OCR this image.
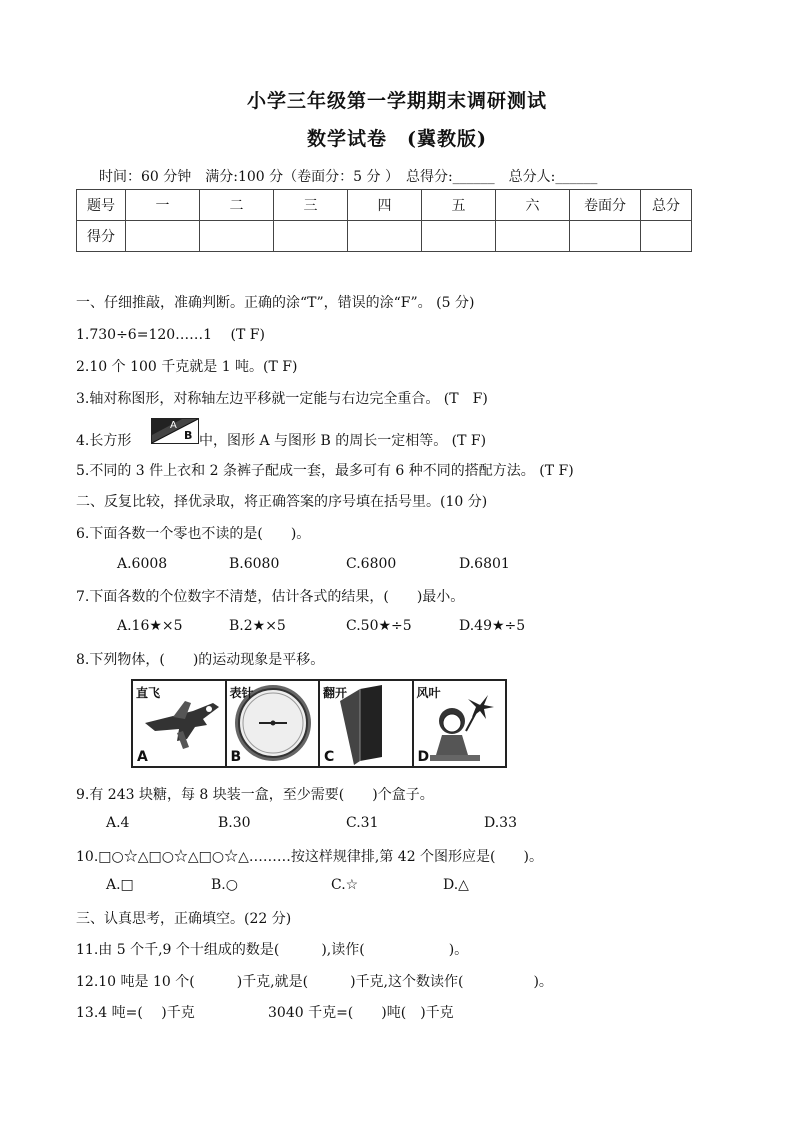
小学三年级第一学期期末调研测试
数学试卷　(冀教版)
时间：60 分钟　满分:100 分（卷面分：5 分 ）　总得分:______　总分人:______
题号	一	二	三	四	五	六	卷面分	总分
得分								
一、仔细推敲，准确判断。正确的涂“T”，错误的涂“F”。 (5 分)
1.730÷6=120……1　 (T F)
2.10 个 100 千克就是 1 吨。(T F)
3.轴对称图形，对称轴左边平移就一定能与右边完全重合。 (T　F)
4.长方形
A
B 中，图形 A 与图形 B 的周长一定相等。 (T F)
5.不同的 3 件上衣和 2 条裤子配成一套，最多可有 6 种不同的搭配方法。 (T F)
二、反复比较，择优录取，将正确答案的序号填在括号里。(10 分)
6.下面各数一个零也不读的是(　　)。
A.6008	B.6080	C.6800	D.6801
7.下面各数的个位数字不清楚，估计各式的结果，(　　)最小。
A.16★×5	B.2★×5	C.50★÷5	D.49★÷5
8.下列物体，(　　)的运动现象是平移。
直飞
A
表针
B
翻开
C
风叶
D
9.有 243 块糖，每 8 块装一盒，至少需要(　　)个盒子。
A.4	B.30	C.31	D.33
10.□○☆△□○☆△□○☆△………按这样规律排,第 42 个图形应是(　　)。
A.□	B.○	C.☆	D.△
三、认真思考，正确填空。(22 分)
11.由 5 个千,9 个十组成的数是(　　　),读作(　　　　　　)。
12.10 吨是 10 个(　　　)千克,就是(　　　)千克,这个数读作(　　　　　)。
13.4 吨=(　 )千克	3040 千克=(　　)吨(　)千克
